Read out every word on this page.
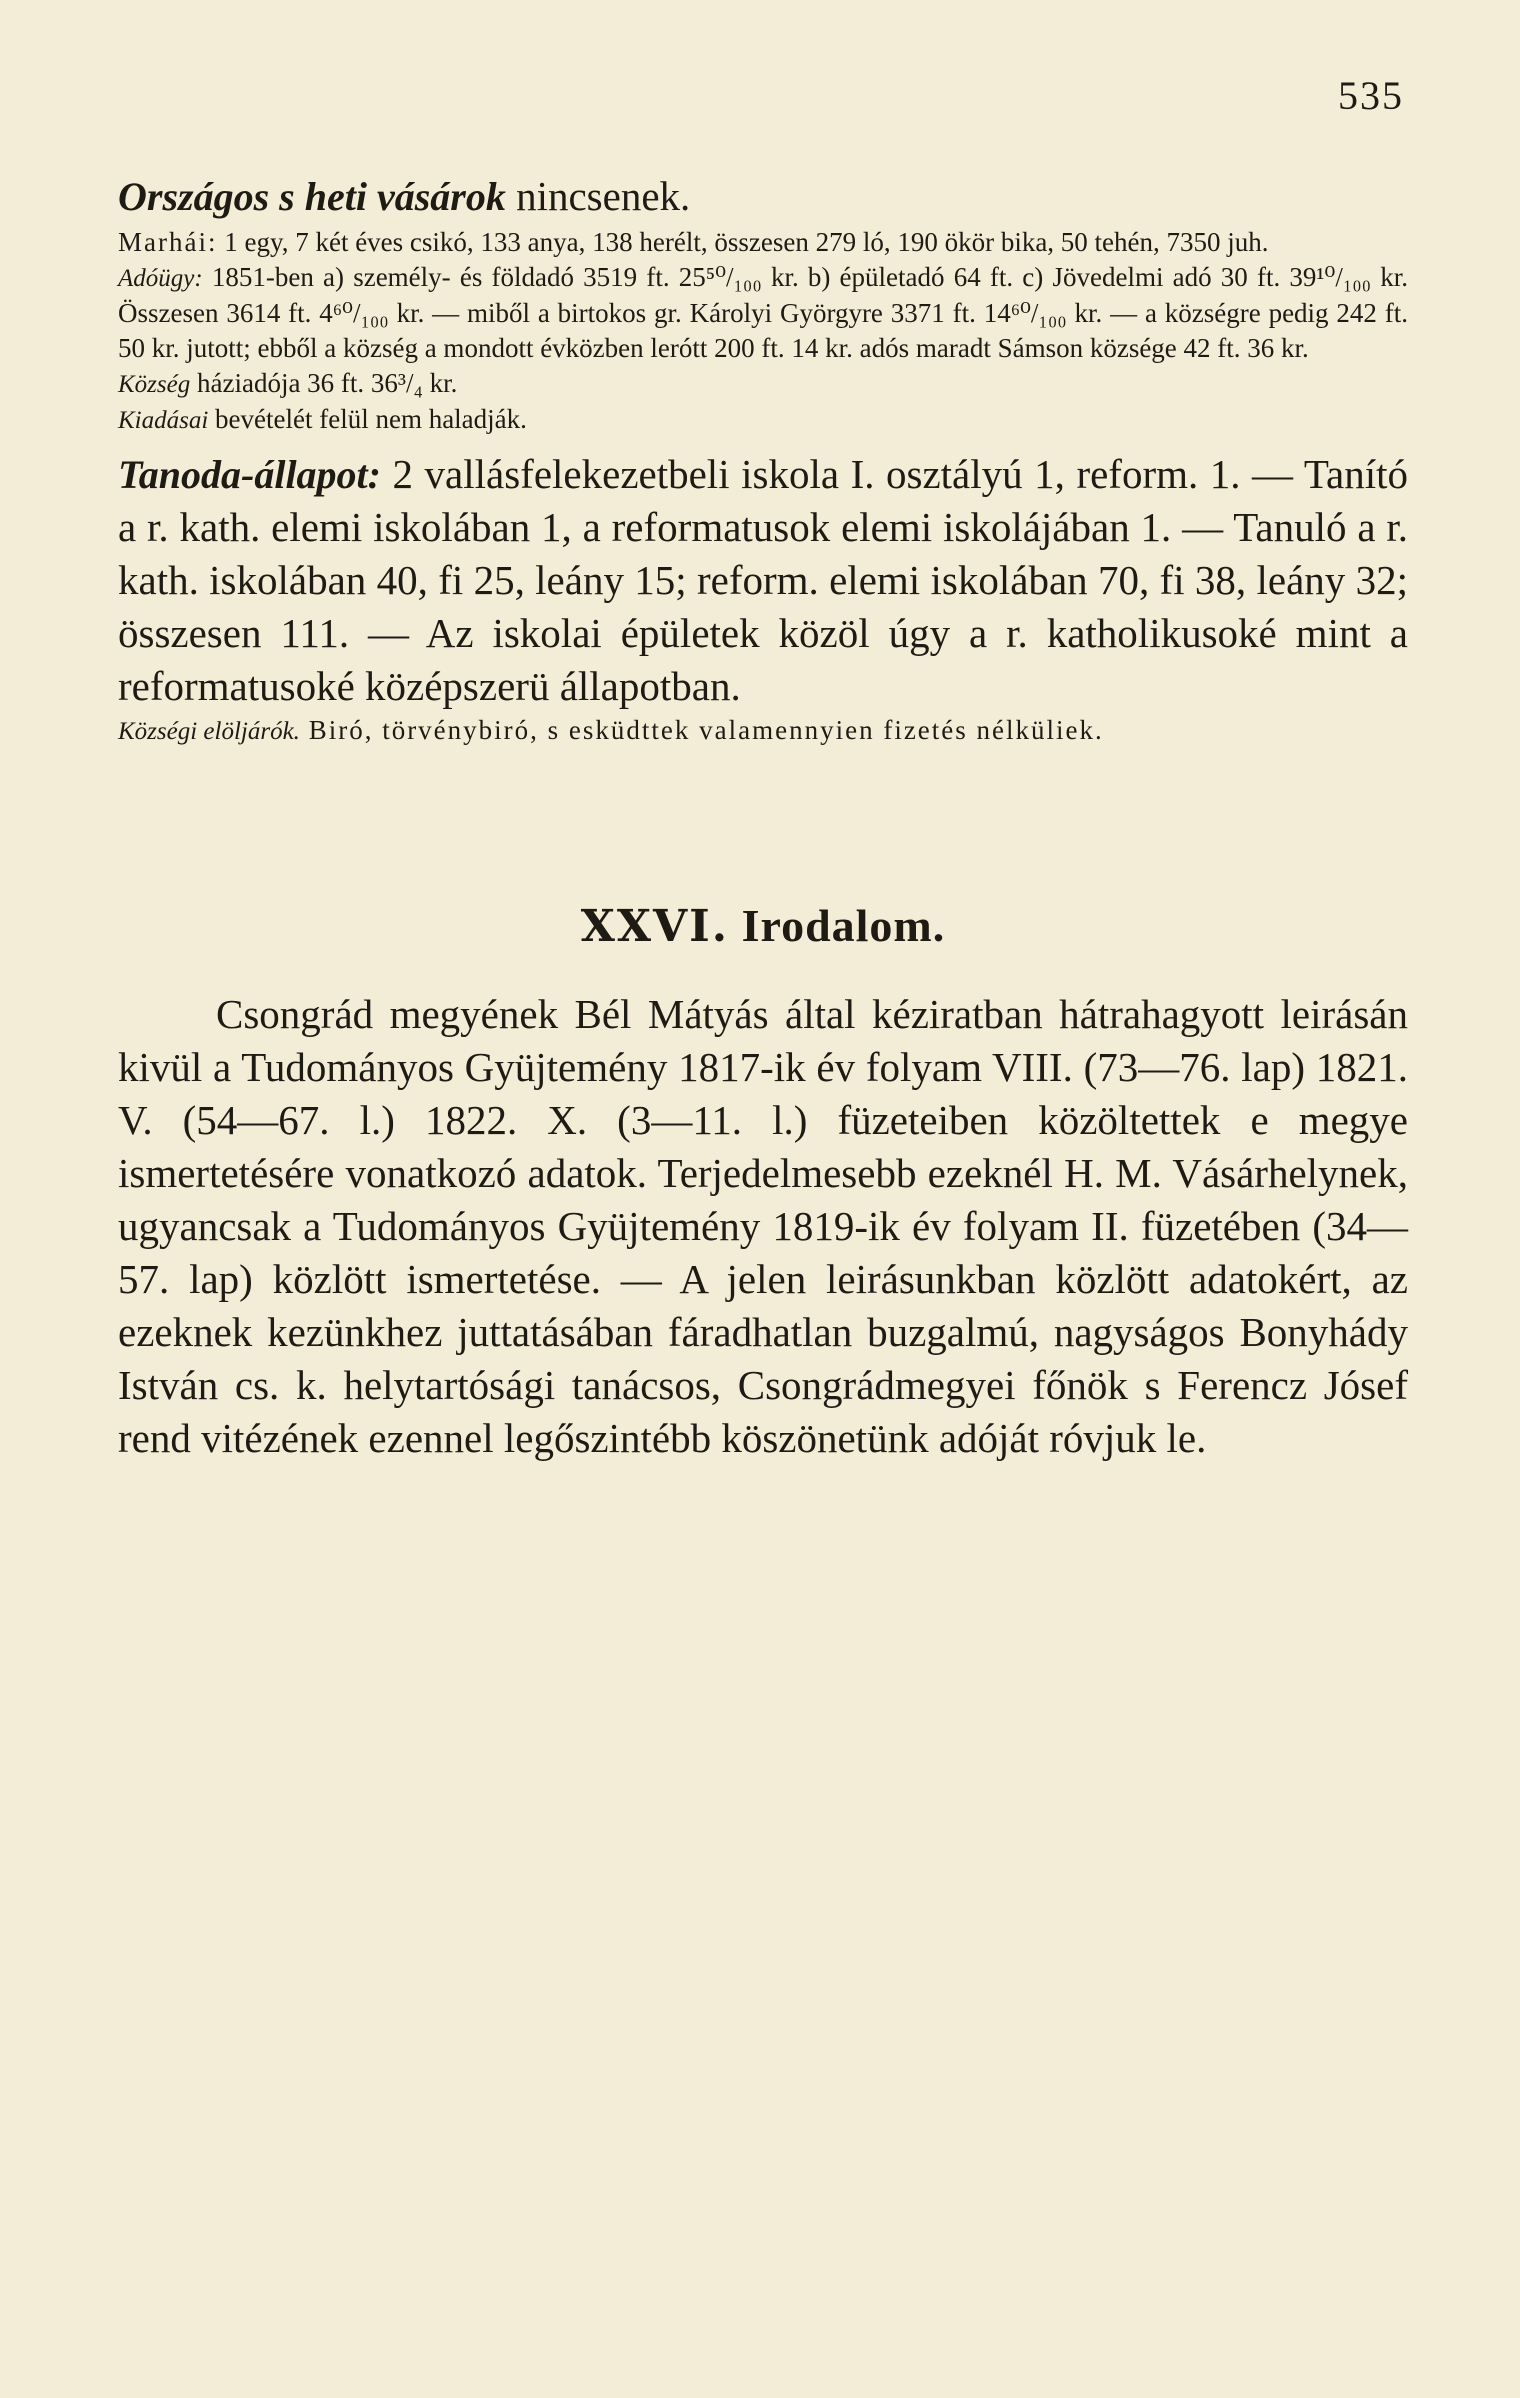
535

Országos s heti vásárok nincsenek.

Marhái: 1 egy, 7 két éves csikó, 133 anya, 138 herélt, összesen 279 ló, 190 ökör bika, 50 tehén, 7350 juh.

Adóügy: 1851-ben a) személy- és földadó 3519 ft. 25⁵⁰/₁₀₀ kr. b) épületadó 64 ft. c) Jövedelmi adó 30 ft. 39¹⁰/₁₀₀ kr. Összesen 3614 ft. 4⁶⁰/₁₀₀ kr. — miből a birtokos gr. Károlyi Györgyre 3371 ft. 14⁶⁰/₁₀₀ kr. — a községre pedig 242 ft. 50 kr. jutott; ebből a község a mondott évközben lerótt 200 ft. 14 kr. adós maradt Sámson községe 42 ft. 36 kr.

Község háziadója 36 ft. 36³/₄ kr.

Kiadásai bevételét felül nem haladják.

Tanoda-állapot: 2 vallásfelekezetbeli iskola I. osztályú 1, reform. 1. — Tanító a r. kath. elemi iskolában 1, a reformatusok elemi iskolájában 1. — Tanuló a r. kath. iskolában 40, fi 25, leány 15; reform. elemi iskolában 70, fi 38, leány 32; összesen 111. — Az iskolai épületek közöl úgy a r. katholikusoké mint a reformatusoké középszerü állapotban.

Községi elöljárók. Biró, törvénybiró, s esküdttek valamennyien fizetés nélküliek.

XXVI. Irodalom.

Csongrád megyének Bél Mátyás által kéziratban hátrahagyott leirásán kivül a Tudományos Gyüjtemény 1817-ik év folyam VIII. (73—76. lap) 1821. V. (54—67. l.) 1822. X. (3—11. l.) füzeteiben közöltettek e megye ismertetésére vonatkozó adatok. Terjedelmesebb ezeknél H. M. Vásárhelynek, ugyancsak a Tudományos Gyüjtemény 1819-ik év folyam II. füzetében (34—57. lap) közlött ismertetése. — A jelen leirásunkban közlött adatokért, az ezeknek kezünkhez juttatásában fáradhatlan buzgalmú, nagyságos Bonyhády István cs. k. helytartósági tanácsos, Csongrádmegyei főnök s Ferencz Jósef rend vitézének ezennel legőszintébb köszönetünk adóját róvjuk le.
